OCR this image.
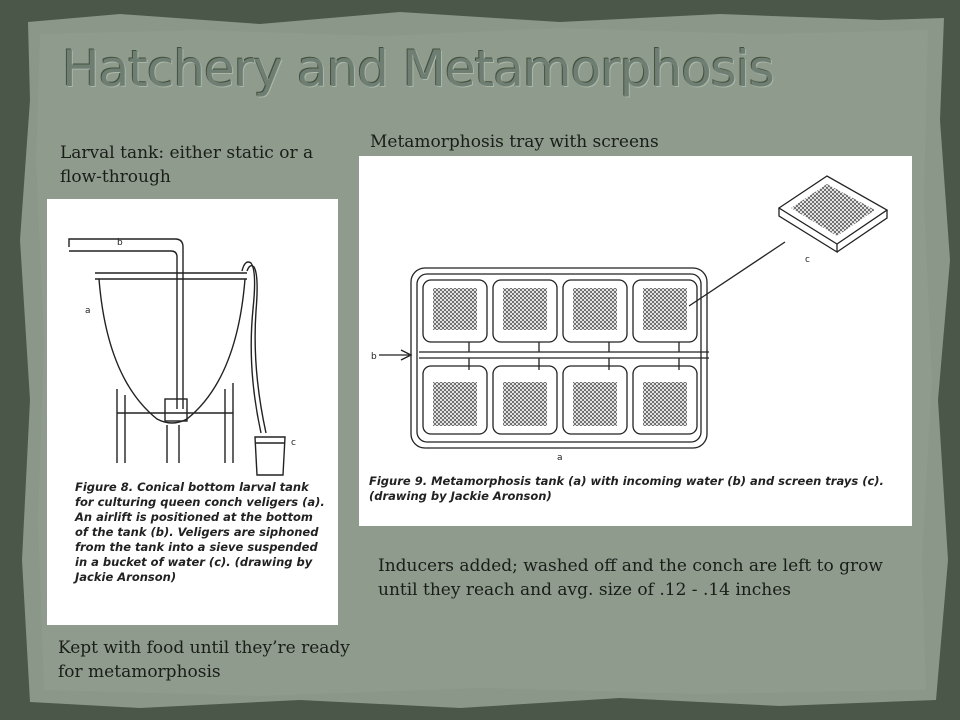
Hatchery and Metamorphosis

Larval tank: either static or a flow-through

Metamorphosis tray with screens

b
a
c

Figure 8. Conical bottom larval tank for culturing queen conch veligers (a). An airlift is positioned at the bottom of the tank (b). Veligers are siphoned from the tank into a sieve suspended in a bucket of water (c). (drawing by Jackie Aronson)

b
a
c

Figure 9. Metamorphosis tank (a) with incoming water (b) and screen trays (c). (drawing by Jackie Aronson)

Kept with food until they’re ready for metamorphosis

Inducers added; washed off and the conch are left to grow until they reach and avg. size of .12 - .14 inches
